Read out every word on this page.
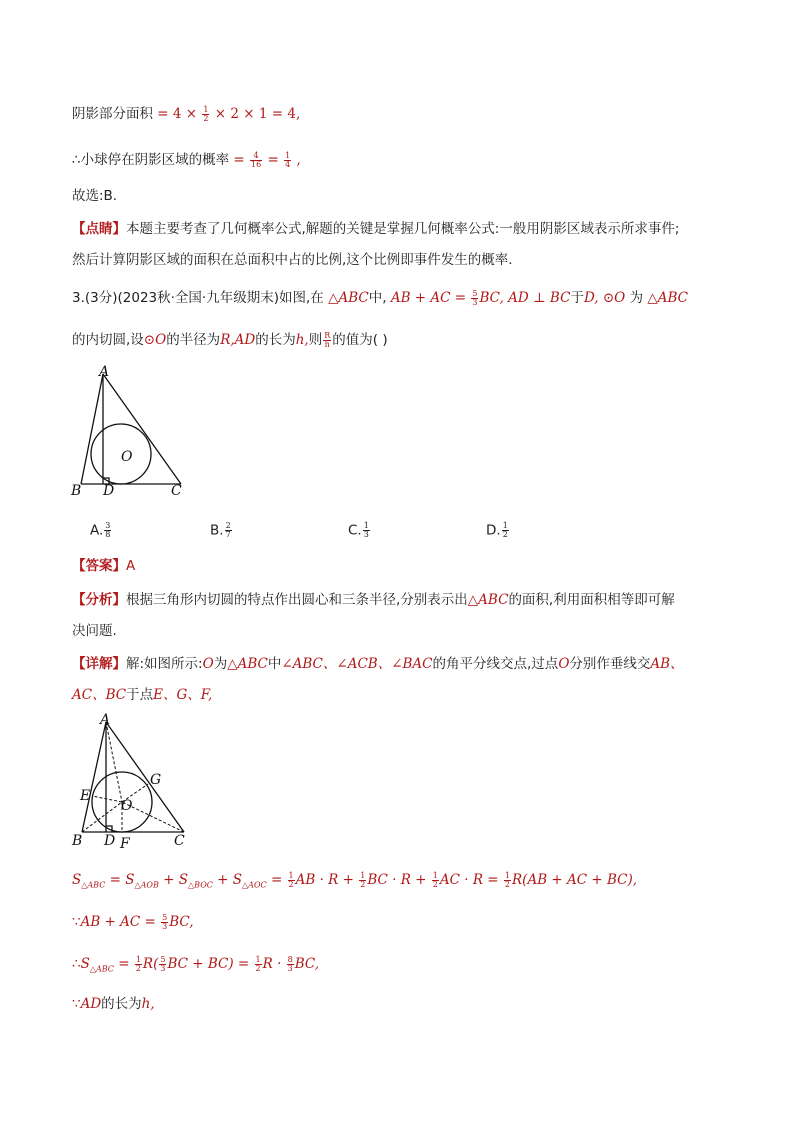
阴影部分面积 = $4 \times \frac{1}{2} \times 2 \times 1 = 4$,
∴小球停在阴影区域的概率 = $\frac{4}{16} = \frac{1}{4}$ ,
故选:B.
【点睛】本题主要考查了几何概率公式,解题的关键是掌握几何概率公式:一般用阴影区域表示所求事件;
然后计算阴影区域的面积在总面积中占的比例,这个比例即事件发生的概率.
3.(3分)(2023秋·全国·九年级期末)如图,在 △ABC中, AB + AC = $\frac{5}{3}$ BC, AD ⊥ BC于D, ⊙O 为 △ABC
的内切圆,设⊙O的半径为R,AD的长为h,则 $\frac{R}{h}$ 的值为( )
A
B D	C
O
A. $\frac{3}{8}$	B. $\frac{2}{7}$	C. $\frac{1}{3}$	D. $\frac{1}{2}$
【答案】A
【分析】根据三角形内切圆的特点作出圆心和三条半径,分别表示出△ABC的面积,利用面积相等即可解
决问题.
【详解】解:如图所示:O为△ABC中∠ABC、∠ACB、∠BAC的角平分线交点,过点O分别作垂线交AB、
AC、BC于点E、G、F,
A
E
G
O
B D F	C
$S_{\triangle ABC} = S_{\triangle AOB} + S_{\triangle BOC} + S_{\triangle AOC} = \frac{1}{2}$ AB · $R + \frac{1}{2}$ BC · $R + \frac{1}{2}$ AC · $R = \frac{1}{2} R(AB$ + AC + BC),
∵AB + AC = $\frac{5}{3}$ BC,
$\therefore S_{\triangle ABC} = \frac{1}{2} R( \frac{5}{3}$ BC + $BC) = \frac{1}{2}$ $R \cdot \frac{8}{3}$ BC,
∵AD的长为h,
